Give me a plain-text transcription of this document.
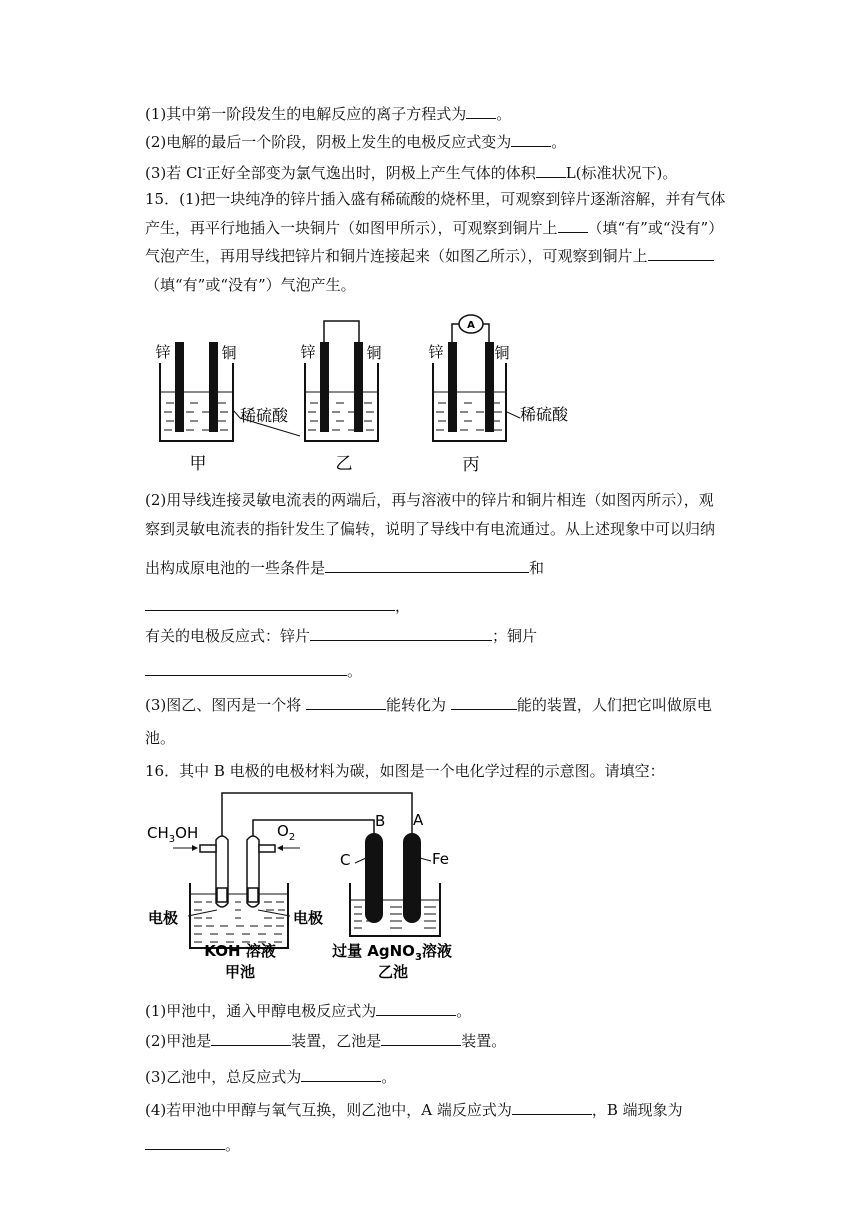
(1)其中第一阶段发生的电解反应的离子方程式为 。
(2)电解的最后一个阶段，阴极上发生的电极反应式变为	。
(3)若 Cl-正好全部变为氯气逸出时，阴极上产生气体的体积 L(标准状况下)。
15．(1)把一块纯净的锌片插入盛有稀硫酸的烧杯里，可观察到锌片逐渐溶解，并有气体
产生，再平行地插入一块铜片（如图甲所示），可观察到铜片上 （填“有”或“没有”）
气泡产生，再用导线把锌片和铜片连接起来（如图乙所示），可观察到铜片上
（填“有”或“没有”）气泡产生。
锌	铜
甲
稀硫酸
锌	铜
乙
A
锌	铜
丙
稀硫酸
(2)用导线连接灵敏电流表的两端后，再与溶液中的锌片和铜片相连（如图丙所示），观
察到灵敏电流表的指针发生了偏转，说明了导线中有电流通过。从上述现象中可以归纳
出构成原电池的一些条件是	和
，
有关的电极反应式：锌片	；铜片
。
(3)图乙、图丙是一个将	能转化为	能的装置，人们把它叫做原电
池。
16．其中 B 电极的电极材料为碳，如图是一个电化学过程的示意图。请填空：
$CH_3OH$	$O_2$
电极	电极
KOH 溶液
甲池
B A
C	Fe
过量 AgNO$_3$溶液
乙池
(1)甲池中，通入甲醇电极反应式为	。
(2)甲池是	装置，乙池是	装置。
(3)乙池中，总反应式为	。
(4)若甲池中甲醇与氧气互换，则乙池中，A 端反应式为	，B 端现象为
。
